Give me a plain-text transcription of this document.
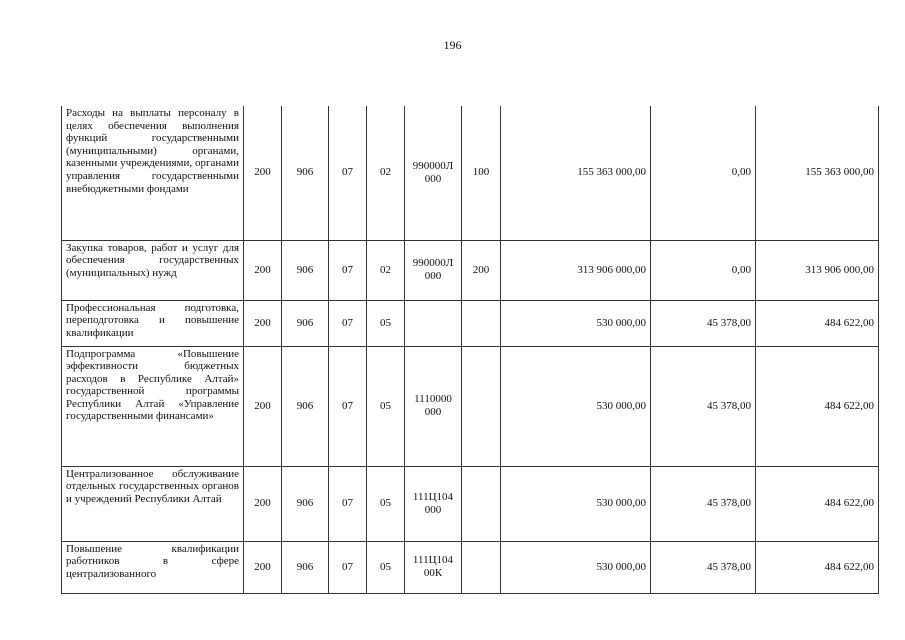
196
Расходы на выплаты персоналу в целях обеспечения выполнения функций государственными (муниципальными) органами, казенными учреждениями, органами управления государственными внебюджетными фондами	200	906	07	02	990000Л 000	100	155 363 000,00	0,00	155 363 000,00
Закупка товаров, работ и услуг для обеспечения государственных (муниципальных) нужд	200	906	07	02	990000Л 000	200	313 906 000,00	0,00	313 906 000,00
Профессиональная подготовка, переподготовка и повышение квалификации	200	906	07	05			530 000,00	45 378,00	484 622,00
Подпрограмма «Повышение эффективности бюджетных расходов в Республике Алтай» государственной программы Республики Алтай «Управление государственными финансами»	200	906	07	05	1110000 000		530 000,00	45 378,00	484 622,00
Централизованное обслуживание отдельных государственных органов и учреждений Республики Алтай	200	906	07	05	111Ц104 000		530 000,00	45 378,00	484 622,00
Повышение квалификации работников в сфере централизованного	200	906	07	05	111Ц104 00К		530 000,00	45 378,00	484 622,00
